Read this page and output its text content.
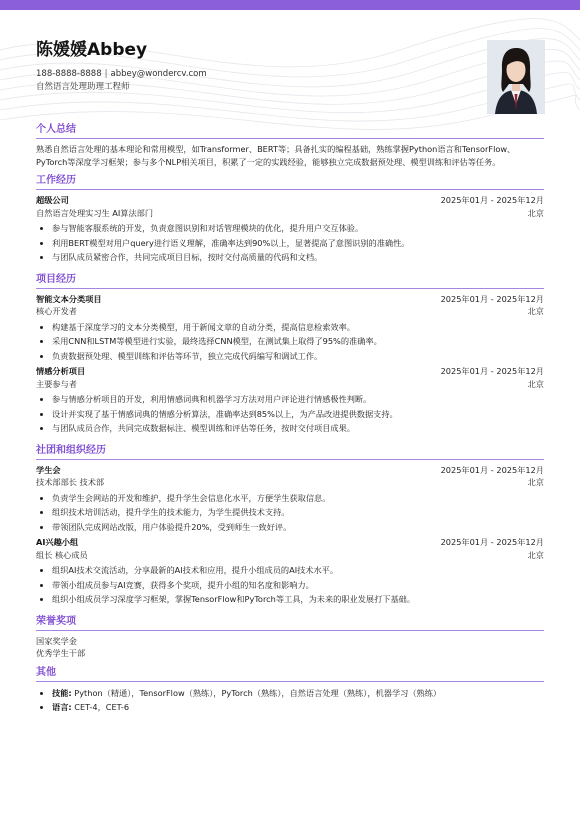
陈媛媛Abbey
188-8888-8888 | abbey@wondercv.com
自然语言处理助理工程师
个人总结

熟悉自然语言处理的基本理论和常用模型，如Transformer、BERT等；具备扎实的编程基础，熟练掌握Python语言和TensorFlow、PyTorch等深度学习框架；参与多个NLP相关项目，积累了一定的实践经验，能够独立完成数据预处理、模型训练和评估等任务。

工作经历
超级公司	2025年01月 - 2025年12月
自然语言处理实习生 AI算法部门	北京
• 参与智能客服系统的开发，负责意图识别和对话管理模块的优化，提升用户交互体验。
• 利用BERT模型对用户query进行语义理解，准确率达到90%以上，显著提高了意图识别的准确性。
• 与团队成员紧密合作，共同完成项目目标，按时交付高质量的代码和文档。
项目经历
智能文本分类项目	2025年01月 - 2025年12月
核心开发者	北京
• 构建基于深度学习的文本分类模型，用于新闻文章的自动分类，提高信息检索效率。
• 采用CNN和LSTM等模型进行实验，最终选择CNN模型，在测试集上取得了95%的准确率。
• 负责数据预处理、模型训练和评估等环节，独立完成代码编写和调试工作。
情感分析项目	2025年01月 - 2025年12月
主要参与者	北京
• 参与情感分析项目的开发，利用情感词典和机器学习方法对用户评论进行情感极性判断。
• 设计并实现了基于情感词典的情感分析算法，准确率达到85%以上，为产品改进提供数据支持。
• 与团队成员合作，共同完成数据标注、模型训练和评估等任务，按时交付项目成果。
社团和组织经历
学生会	2025年01月 - 2025年12月
技术部部长 技术部	北京
• 负责学生会网站的开发和维护，提升学生会信息化水平，方便学生获取信息。
• 组织技术培训活动，提升学生的技术能力，为学生提供技术支持。
• 带领团队完成网站改版，用户体验提升20%，受到师生一致好评。
AI兴趣小组	2025年01月 - 2025年12月
组长 核心成员	北京
• 组织AI技术交流活动，分享最新的AI技术和应用，提升小组成员的AI技术水平。
• 带领小组成员参与AI竞赛，获得多个奖项，提升小组的知名度和影响力。
• 组织小组成员学习深度学习框架，掌握TensorFlow和PyTorch等工具，为未来的职业发展打下基础。
荣誉奖项

国家奖学金

优秀学生干部

其他
• 技能: Python（精通），TensorFlow（熟练），PyTorch（熟练），自然语言处理（熟练），机器学习（熟练）
• 语言: CET-4，CET-6
